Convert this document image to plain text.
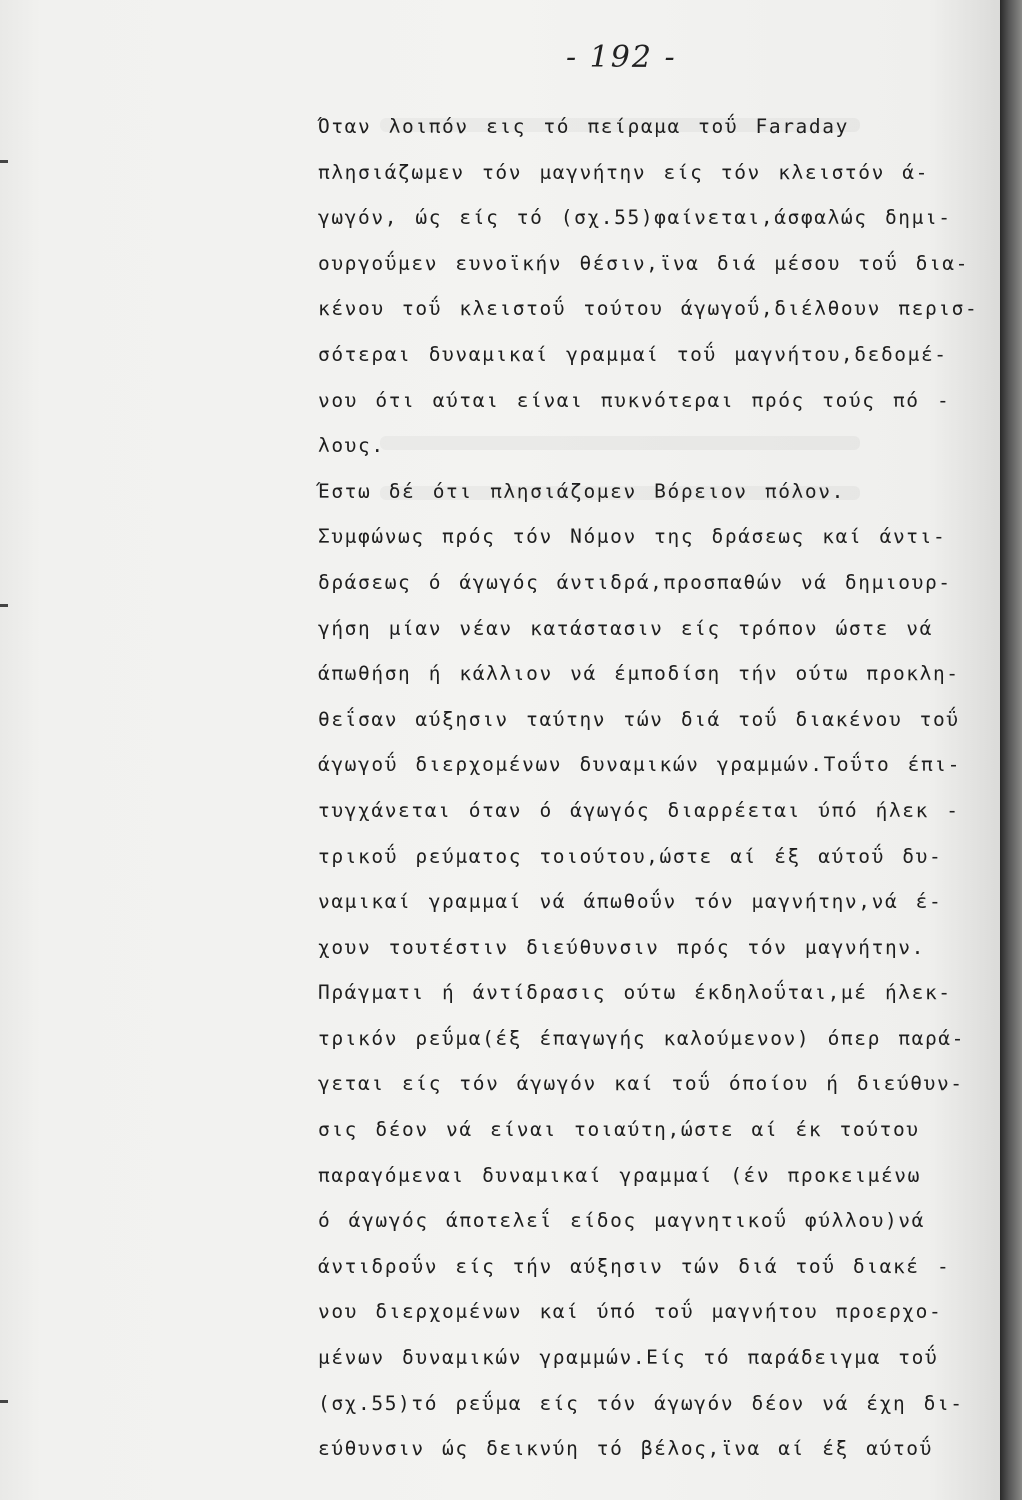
- 192 -
Όταν λοιπόν εις τό πείραμα τοΰ Faraday
πλησιάζωμεν τόν μαγνήτην είς τόν κλειστόν ά-
γωγόν, ώς είς τό (σχ.55)φαίνεται,άσφαλώς δημι-
ουργοΰμεν ευνοϊκήν θέσιν,ϊνα διά μέσου τοΰ δια-
κένου τοΰ κλειστοΰ τούτου άγωγοΰ,διέλθουν περισ-
σότεραι δυναμικαί γραμμαί τοΰ μαγνήτου,δεδομέ-
νου ότι αύται είναι πυκνότεραι πρός τούς πό -
λους.
Έστω δέ ότι πλησιάζομεν Βόρειον πόλον.
Συμφώνως πρός τόν Νόμον της δράσεως καί άντι-
δράσεως ό άγωγός άντιδρά,προσπαθών νά δημιουρ-
γήση μίαν νέαν κατάστασιν είς τρόπον ώστε νά
άπωθήση ή κάλλιον νά έμποδίση τήν ούτω προκλη-
θεΐσαν αύξησιν ταύτην τών διά τοΰ διακένου τοΰ
άγωγοΰ διερχομένων δυναμικών γραμμών.Τοΰτο έπι-
τυγχάνεται όταν ό άγωγός διαρρέεται ύπό ήλεκ -
τρικοΰ ρεύματος τοιούτου,ώστε αί έξ αύτοΰ δυ-
ναμικαί γραμμαί νά άπωθοΰν τόν μαγνήτην,νά έ-
χουν τουτέστιν διεύθυνσιν πρός τόν μαγνήτην.
Πράγματι ή άντίδρασις ούτω έκδηλοΰται,μέ ήλεκ-
τρικόν ρεΰμα(έξ έπαγωγής καλούμενον) όπερ παρά-
γεται είς τόν άγωγόν καί τοΰ όποίου ή διεύθυν-
σις δέον νά είναι τοιαύτη,ώστε αί έκ τούτου
παραγόμεναι δυναμικαί γραμμαί (έν προκειμένω
ό άγωγός άποτελεΐ είδος μαγνητικοΰ φύλλου)νά
άντιδροΰν είς τήν αύξησιν τών διά τοΰ διακέ -
νου διερχομένων καί ύπό τοΰ μαγνήτου προερχο-
μένων δυναμικών γραμμών.Είς τό παράδειγμα τοΰ
(σχ.55)τό ρεΰμα είς τόν άγωγόν δέον νά έχη δι-
εύθυνσιν ώς δεικνύη τό βέλος,ϊνα αί έξ αύτοΰ
